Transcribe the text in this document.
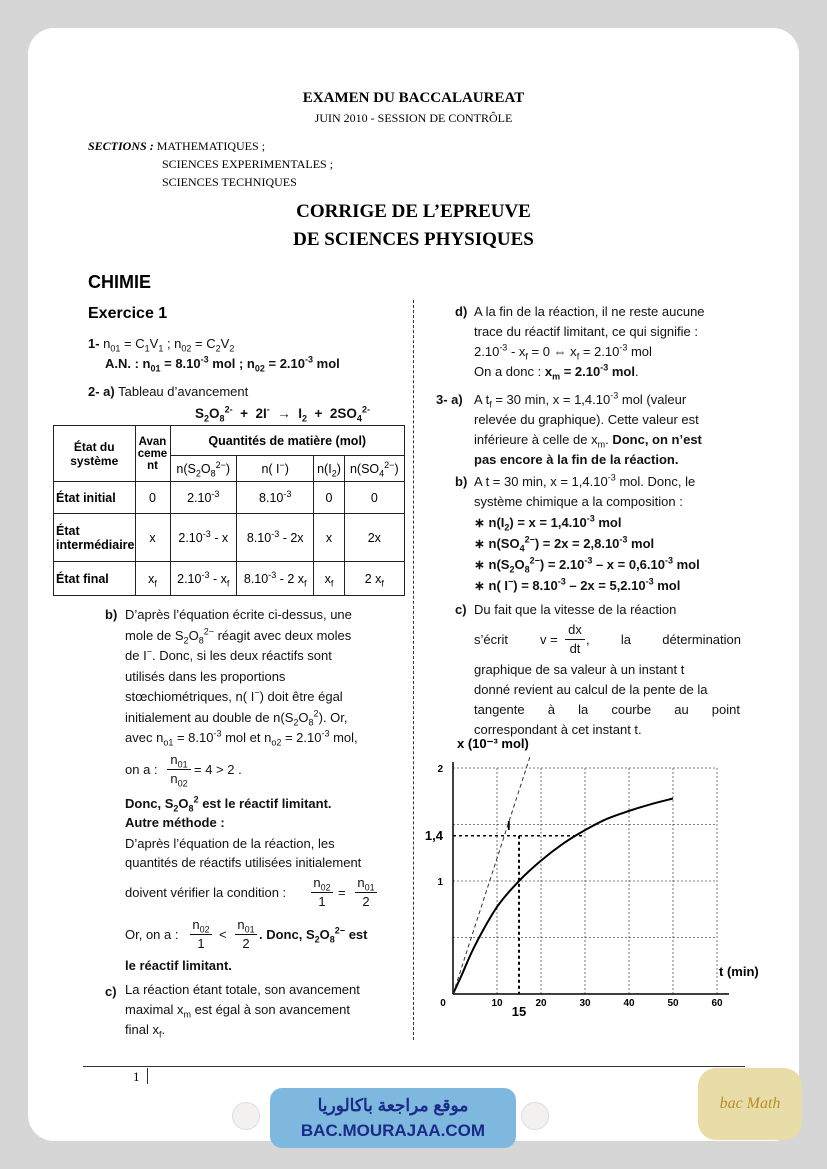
EXAMEN DU BACCALAUREAT
JUIN 2010 - SESSION DE CONTRÔLE
SECTIONS : MATHEMATIQUES ;
SCIENCES EXPERIMENTALES ;
SCIENCES TECHNIQUES
CORRIGE DE L’EPREUVE
DE SCIENCES PHYSIQUES
CHIMIE
Exercice 1
1- $n_{01} = C_1V_1$ ; $n_{02} = C_2V_2$
A.N. : $n_{01} = 8.10^{-3}$ mol ; $n_{02} = 2.10^{-3}$ mol
2- a) Tableau d’avancement
$S_2O_8^{2-} + 2I^- \to I_2 + 2SO_4^{2-}$
État du système	Avancement	Quantités de matière (mol)			
		$n(S_2O_8^{2-})$	n( I−)	$n(I_2)$	$n(SO_4^{2-})$
État initial	0	$2.10^{-3}$	$8.10^{-3}$	0	0
État intermédiaire	x	$2.10^{-3}$ - x	$8.10^{-3} - 2x$	x	2x
État final	$x_f$	$2.10^{-3} - x_f$	$8.10^{-3} - 2$ $x_f$	$x_f$	2 $x_f$
b) D’après l’équation écrite ci-dessus, une
mole de $S_2O_8^{2-}$ réagit avec deux moles
de I−. Donc, si les deux réactifs sont
utilisés dans les proportions
stœchiométriques, n( I−) doit être égal
initialement au double de $n(S_2O_8^2)$. Or,
avec $n_{o1} = 8.10^{-3}$ mol et $n_{o2} = 2.10^{-3}$ mol,
on a :
$n_{01}$
$n_{02}$
= 4 > 2 .
Donc, $S_2O_8^2$ est le réactif limitant.
Autre méthode :
D’après l’équation de la réaction, les
quantités de réactifs utilisées initialement
doivent vérifier la condition :
$n_{02}$
1
=
$n_{01}$
2
Or, on a :
$n_{02}$
1
<
$n_{01}$
2
. Donc, $S_2O_8^{2-}$ est
le réactif limitant.
c) La réaction étant totale, son avancement
maximal $x_m$ est égal à son avancement
final $x_f$.
d) A la fin de la réaction, il ne reste aucune
trace du réactif limitant, ce qui signifie :
$2.10^{-3} - x_f = 0$ ⇔ $x_f = 2.10^{-3}$ mol
On a donc : $x_m = 2.10^{-3}$ mol.
3- a) A $t_f = 30$ min, $x = 1,4.10^{-3}$ mol (valeur
relevée du graphique). Cette valeur est
inférieure à celle de $x_m$. Donc, on n’est
pas encore à la fin de la réaction.
b) A t = 30 min, $x = 1,4.10^{-3}$ mol. Donc, le
système chimique a la composition :
∗ $n(I_2) = x = 1,4.10^{-3}$ mol
∗ $n(SO_4^{2-}) = 2x = 2,8.10^{-3}$ mol
∗ $n(S_2O_8^{2-}) = 2.10^{-3} - x = 0,6.10^{-3}$ mol
∗ n( $I^-) = 8.10^{-3} - 2x = 5,2.10^{-3}$ mol
c) Du fait que la vitesse de la réaction
s’écrit v =
dx
dt
, la détermination
graphique de sa valeur à un instant t
donné revient au calcul de la pente de la
tangente à la courbe au point
correspondant à cet instant t.
0	10
15
20	30	40	50	60
1
1,4
2
x (10⁻³ mol)
t (min)
I
1
موقع مراجعة باكالوريا
BAC.MOURAJAA.COM
bac Math
